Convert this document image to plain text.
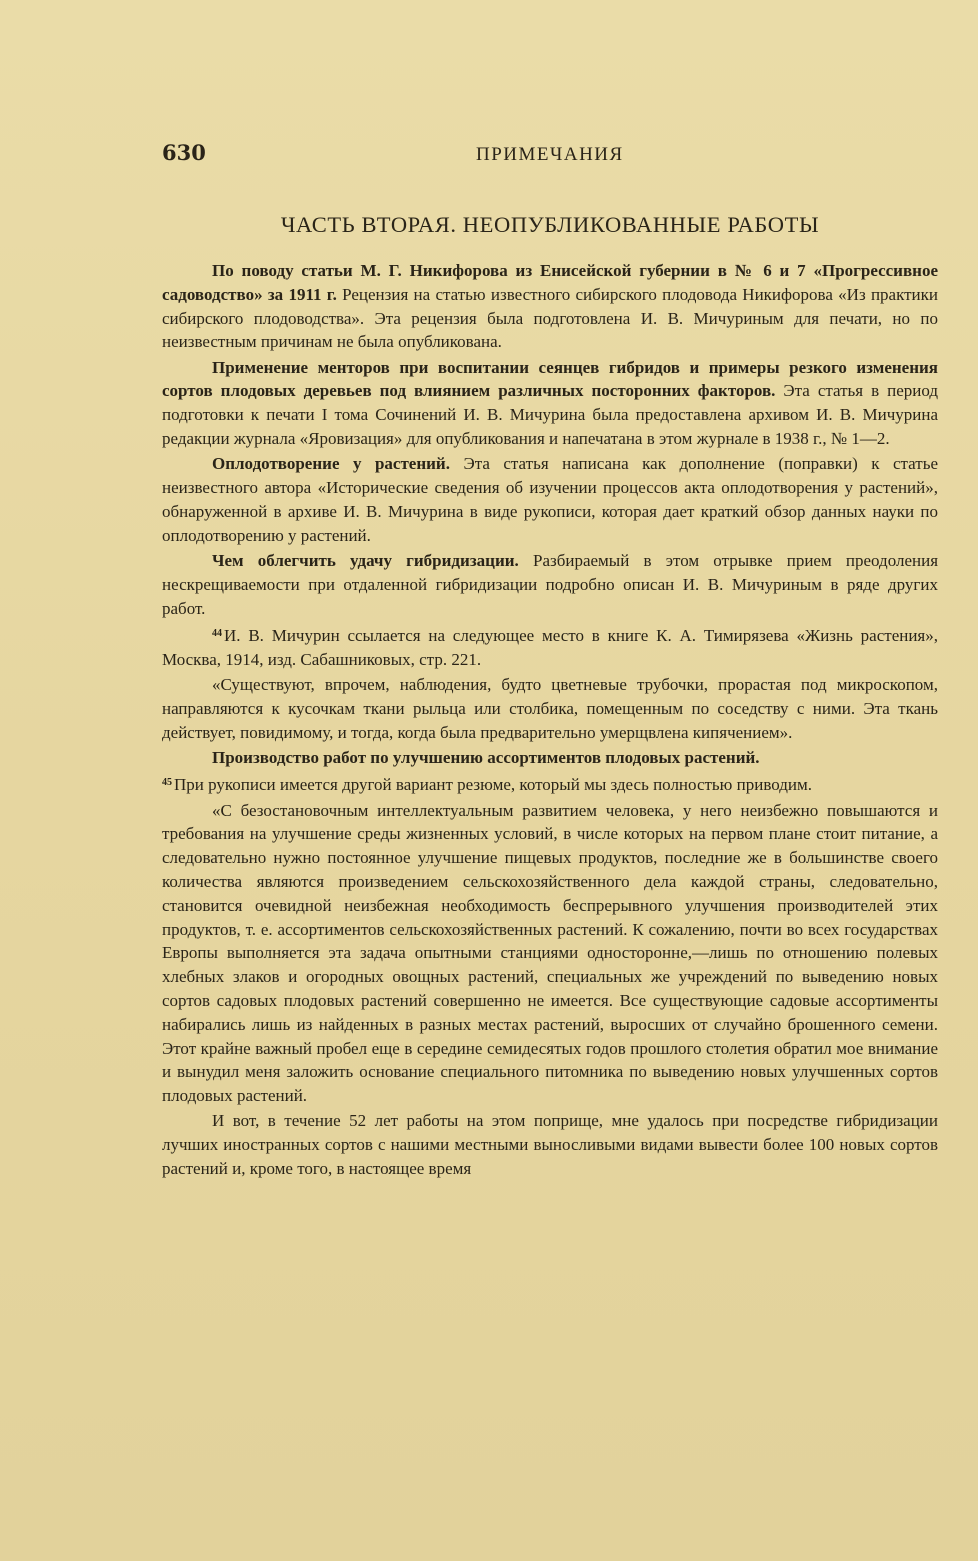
630	ПРИМЕЧАНИЯ
ЧАСТЬ ВТОРАЯ. НЕОПУБЛИКОВАННЫЕ РАБОТЫ

По поводу статьи М. Г. Никифорова из Енисейской губернии в № 6 и 7 «Прогрессивное садоводство» за 1911 г. Рецензия на статью известного сибирского плодовода Никифорова «Из практики сибирского плодоводства». Эта рецензия была подготовлена И. В. Мичуриным для печати, но по неизвестным причинам не была опубликована.

Применение менторов при воспитании сеянцев гибридов и примеры резкого изменения сортов плодовых деревьев под влиянием различных посторонних факторов. Эта статья в период подготовки к печати I тома Сочинений И. В. Мичурина была предоставлена архивом И. В. Мичурина редакции журнала «Яровизация» для опубликования и напечатана в этом журнале в 1938 г., № 1—2.

Оплодотворение у растений. Эта статья написана как дополнение (поправки) к статье неизвестного автора «Исторические сведения об изучении процессов акта оплодотворения у растений», обнаруженной в архиве И. В. Мичурина в виде рукописи, которая дает краткий обзор данных науки по оплодотворению у растений.

Чем облегчить удачу гибридизации. Разбираемый в этом отрывке прием преодоления нескрещиваемости при отдаленной гибридизации подробно описан И. В. Мичуриным в ряде других работ.

$^{44}$ И. В. Мичурин ссылается на следующее место в книге К. А. Тимирязева «Жизнь растения», Москва, 1914, изд. Сабашниковых, стр. 221.

«Существуют, впрочем, наблюдения, будто цветневые трубочки, прорастая под микроскопом, направляются к кусочкам ткани рыльца или столбика, помещенным по соседству с ними. Эта ткань действует, повидимому, и тогда, когда была предварительно умерщвлена кипячением».

Производство работ по улучшению ассортиментов плодовых растений.

$^{45}$ При рукописи имеется другой вариант резюме, который мы здесь полностью приводим.

«С безостановочным интеллектуальным развитием человека, у него неизбежно повышаются и требования на улучшение среды жизненных условий, в числе которых на первом плане стоит питание, а следовательно нужно постоянное улучшение пищевых продуктов, последние же в большинстве своего количества являются произведением сельскохозяйственного дела каждой страны, следовательно, становится очевидной неизбежная необходимость беспрерывного улучшения производителей этих продуктов, т. е. ассортиментов сельскохозяйственных растений. К сожалению, почти во всех государствах Европы выполняется эта задача опытными станциями односторонне,—лишь по отношению полевых хлебных злаков и огородных овощных растений, специальных же учреждений по выведению новых сортов садовых плодовых растений совершенно не имеется. Все существующие садовые ассортименты набирались лишь из найденных в разных местах растений, выросших от случайно брошенного семени. Этот крайне важный пробел еще в середине семидесятых годов прошлого столетия обратил мое внимание и вынудил меня заложить основание специального питомника по выведению новых улучшенных сортов плодовых растений.

И вот, в течение 52 лет работы на этом поприще, мне удалось при посредстве гибридизации лучших иностранных сортов с нашими местными выносливыми видами вывести более 100 новых сортов растений и, кроме того, в настоящее время
